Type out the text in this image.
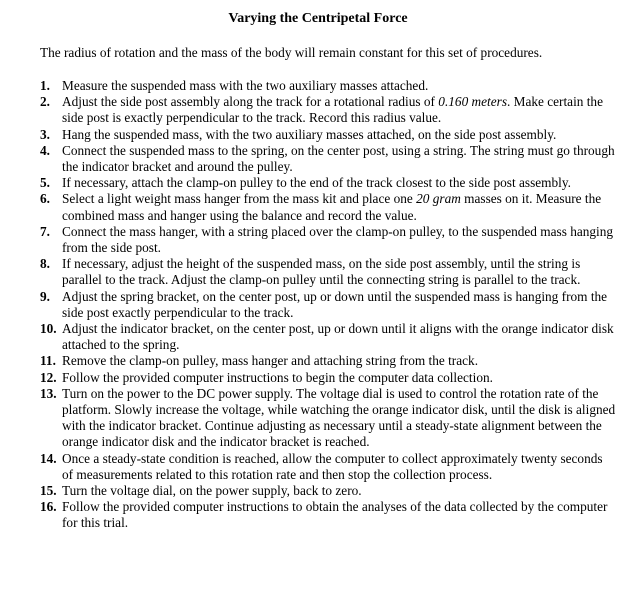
Varying the Centripetal Force
The radius of rotation and the mass of the body will remain constant for this set of procedures.
1. Measure the suspended mass with the two auxiliary masses attached.
2. Adjust the side post assembly along the track for a rotational radius of 0.160 meters. Make certain the side post is exactly perpendicular to the track. Record this radius value.
3. Hang the suspended mass, with the two auxiliary masses attached, on the side post assembly.
4. Connect the suspended mass to the spring, on the center post, using a string. The string must go through the indicator bracket and around the pulley.
5. If necessary, attach the clamp-on pulley to the end of the track closest to the side post assembly.
6. Select a light weight mass hanger from the mass kit and place one 20 gram masses on it. Measure the combined mass and hanger using the balance and record the value.
7. Connect the mass hanger, with a string placed over the clamp-on pulley, to the suspended mass hanging from the side post.
8. If necessary, adjust the height of the suspended mass, on the side post assembly, until the string is parallel to the track. Adjust the clamp-on pulley until the connecting string is parallel to the track.
9. Adjust the spring bracket, on the center post, up or down until the suspended mass is hanging from the side post exactly perpendicular to the track.
10. Adjust the indicator bracket, on the center post, up or down until it aligns with the orange indicator disk attached to the spring.
11. Remove the clamp-on pulley, mass hanger and attaching string from the track.
12. Follow the provided computer instructions to begin the computer data collection.
13. Turn on the power to the DC power supply. The voltage dial is used to control the rotation rate of the platform. Slowly increase the voltage, while watching the orange indicator disk, until the disk is aligned with the indicator bracket. Continue adjusting as necessary until a steady-state alignment between the orange indicator disk and the indicator bracket is reached.
14. Once a steady-state condition is reached, allow the computer to collect approximately twenty seconds of measurements related to this rotation rate and then stop the collection process.
15. Turn the voltage dial, on the power supply, back to zero.
16. Follow the provided computer instructions to obtain the analyses of the data collected by the computer for this trial.
